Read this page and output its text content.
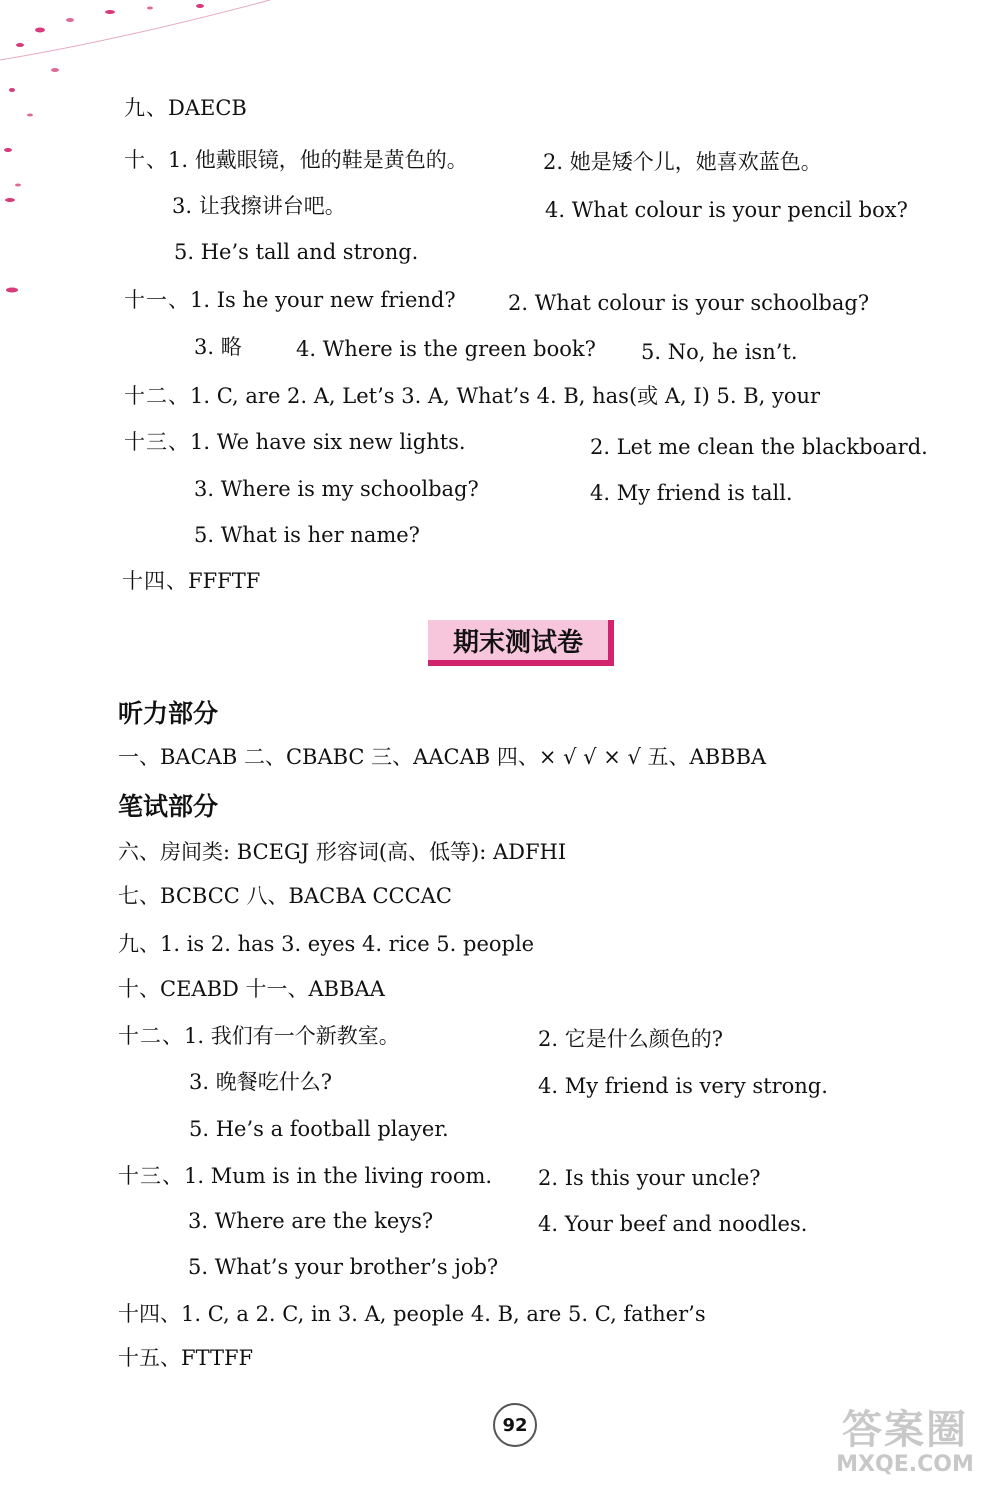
九、DAECB
十、1. 他戴眼镜，他的鞋是黄色的。	2. 她是矮个儿，她喜欢蓝色。
3. 让我擦讲台吧。	4. What colour is your pencil box?
5. He’s tall and strong.
十一、1. Is he your new friend? 2. What colour is your schoolbag?
3. 略	4. Where is the green book? 5. No, he isn’t.
十二、1. C, are 2. A, Let’s 3. A, What’s 4. B, has(或 A, I) 5. B, your
十三、1. We have six new lights.	2. Let me clean the blackboard.
3. Where is my schoolbag?	4. My friend is tall.
5. What is her name?
十四、FFFTF
期末测试卷
听力部分
一、BACAB 二、CBABC 三、AACAB 四、× √ √ × √ 五、ABBBA
笔试部分
六、房间类: BCEGJ 形容词(高、低等): ADFHI
七、BCBCC 八、BACBA CCCAC
九、1. is 2. has 3. eyes 4. rice 5. people
十、CEABD 十一、ABBAA
十二、1. 我们有一个新教室。	2. 它是什么颜色的?
3. 晚餐吃什么?	4. My friend is very strong.
5. He’s a football player.
十三、1. Mum is in the living room. 2. Is this your uncle?
3. Where are the keys?	4. Your beef and noodles.
5. What’s your brother’s job?
十四、1. C, a 2. C, in 3. A, people 4. B, are 5. C, father’s
十五、FTTFF
92	答案圈
MXQE.COM
